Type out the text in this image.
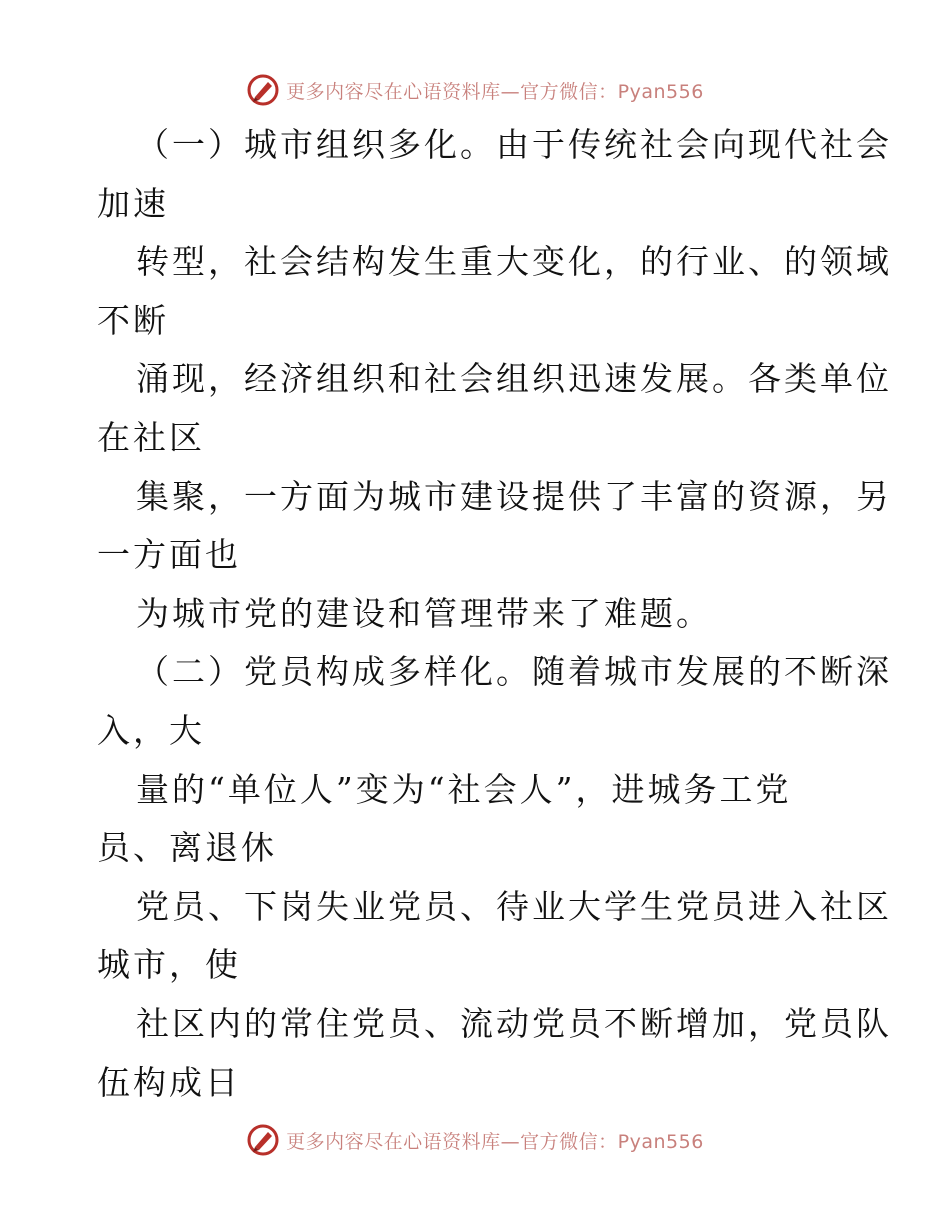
更多内容尽在心语资料库—官方微信：Pyan556
（一）城市组织多化。由于传统社会向现代社会
加速
转型，社会结构发生重大变化，的行业、的领域
不断
涌现，经济组织和社会组织迅速发展。各类单位
在社区
集聚，一方面为城市建设提供了丰富的资源，另
一方面也
为城市党的建设和管理带来了难题。
（二）党员构成多样化。随着城市发展的不断深
入，大
量的“单位人”变为“社会人”，进城务工党
员、离退休
党员、下岗失业党员、待业大学生党员进入社区
城市，使
社区内的常住党员、流动党员不断增加，党员队
伍构成日
更多内容尽在心语资料库—官方微信：Pyan556
